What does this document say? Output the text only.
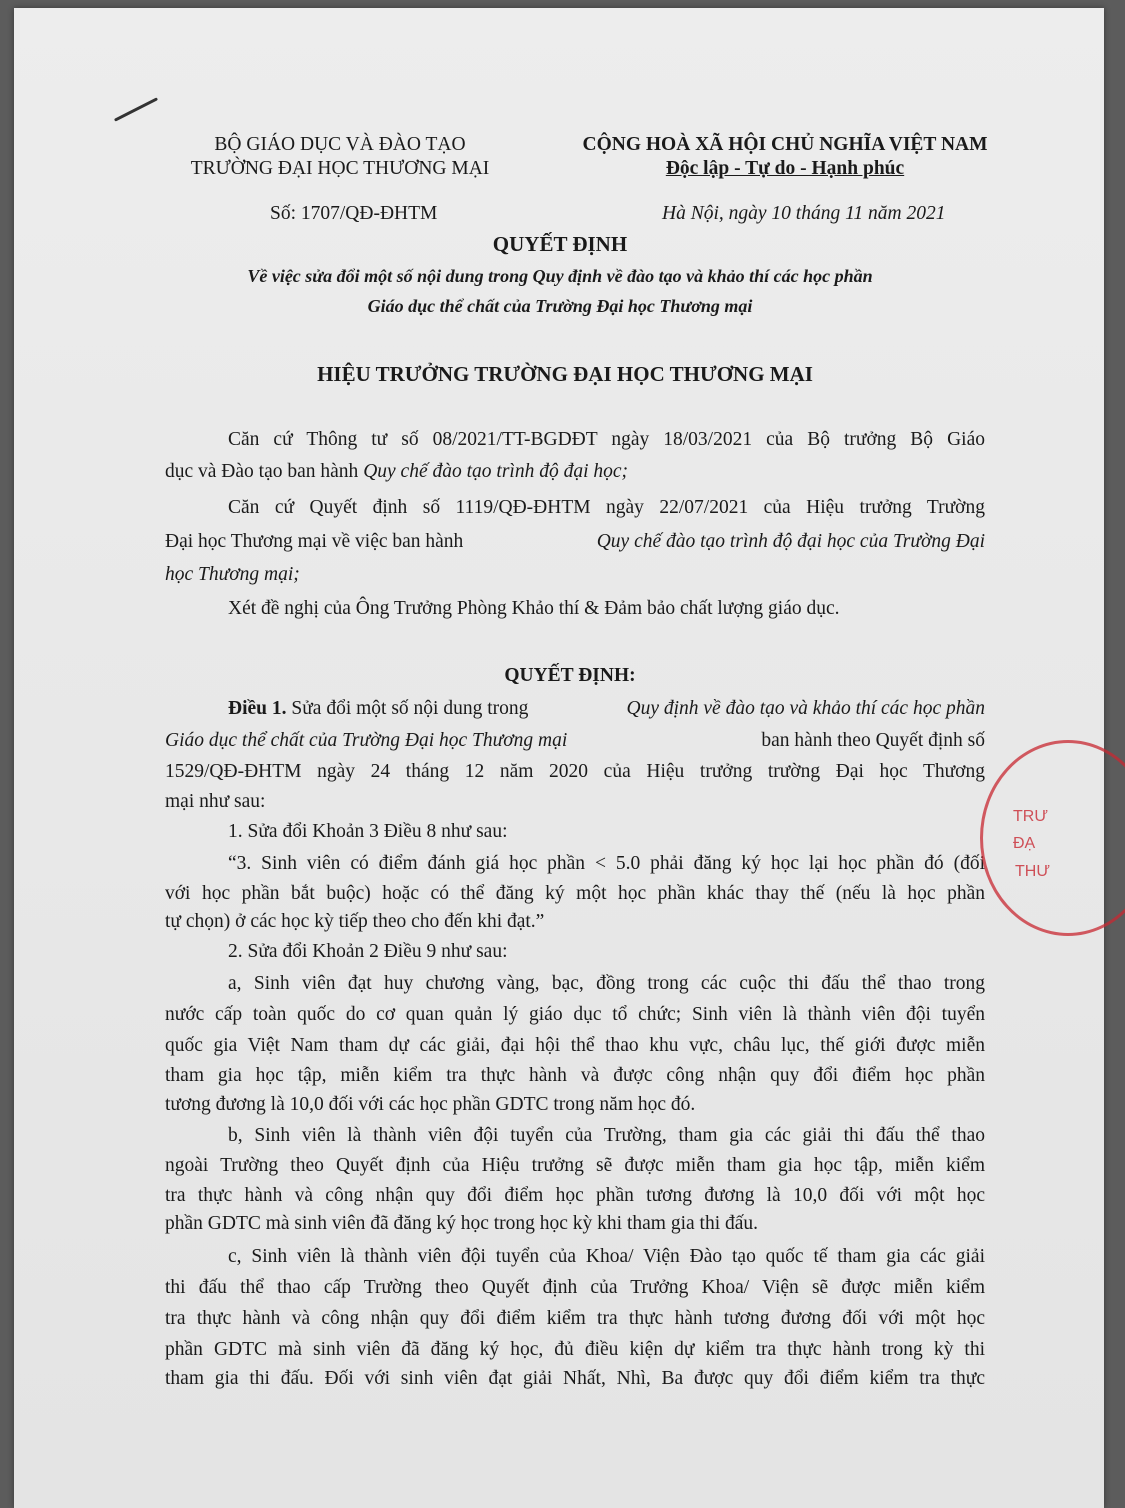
BỘ GIÁO DỤC VÀ ĐÀO TẠO
TRƯỜNG ĐẠI HỌC THƯƠNG MẠI
Số: 1707/QĐ-ĐHTM
CỘNG HOÀ XÃ HỘI CHỦ NGHĨA VIỆT NAM
Độc lập - Tự do - Hạnh phúc
Hà Nội, ngày 10 tháng 11 năm 2021
QUYẾT ĐỊNH
Về việc sửa đổi một số nội dung trong Quy định về đào tạo và khảo thí các học phần
Giáo dục thể chất của Trường Đại học Thương mại
HIỆU TRƯỞNG TRƯỜNG ĐẠI HỌC THƯƠNG MẠI
Căn cứ Thông tư số 08/2021/TT-BGDĐT ngày 18/03/2021 của Bộ trưởng Bộ Giáo
dục và Đào tạo ban hành Quy chế đào tạo trình độ đại học;
Căn cứ Quyết định số 1119/QĐ-ĐHTM ngày 22/07/2021 của Hiệu trưởng Trường
Đại học Thương mại về việc ban hành	Quy chế đào tạo trình độ đại học của Trường Đại
học Thương mại;
Xét đề nghị của Ông Trưởng Phòng Khảo thí & Đảm bảo chất lượng giáo dục.
QUYẾT ĐỊNH:
Điều 1. Sửa đổi một số nội dung trong	Quy định về đào tạo và khảo thí các học phần
Giáo dục thể chất của Trường Đại học Thương mại	ban hành theo Quyết định số
1529/QĐ-ĐHTM ngày 24 tháng 12 năm 2020 của Hiệu trưởng trường Đại học Thương
mại như sau:
1. Sửa đổi Khoản 3 Điều 8 như sau:
“3. Sinh viên có điểm đánh giá học phần < 5.0 phải đăng ký học lại học phần đó (đối
với học phần bắt buộc) hoặc có thể đăng ký một học phần khác thay thế (nếu là học phần
tự chọn) ở các học kỳ tiếp theo cho đến khi đạt.”
2. Sửa đổi Khoản 2 Điều 9 như sau:
a, Sinh viên đạt huy chương vàng, bạc, đồng trong các cuộc thi đấu thể thao trong
nước cấp toàn quốc do cơ quan quản lý giáo dục tổ chức; Sinh viên là thành viên đội tuyển
quốc gia Việt Nam tham dự các giải, đại hội thể thao khu vực, châu lục, thế giới được miễn
tham gia học tập, miễn kiểm tra thực hành và được công nhận quy đổi điểm học phần
tương đương là 10,0 đối với các học phần GDTC trong năm học đó.
b, Sinh viên là thành viên đội tuyển của Trường, tham gia các giải thi đấu thể thao
ngoài Trường theo Quyết định của Hiệu trưởng sẽ được miễn tham gia học tập, miễn kiểm
tra thực hành và công nhận quy đổi điểm học phần tương đương là 10,0 đối với một học
phần GDTC mà sinh viên đã đăng ký học trong học kỳ khi tham gia thi đấu.
c, Sinh viên là thành viên đội tuyển của Khoa/ Viện Đào tạo quốc tế tham gia các giải
thi đấu thể thao cấp Trường theo Quyết định của Trưởng Khoa/ Viện sẽ được miễn kiểm
tra thực hành và công nhận quy đổi điểm kiểm tra thực hành tương đương đối với một học
phần GDTC mà sinh viên đã đăng ký học, đủ điều kiện dự kiểm tra thực hành trong kỳ thi
tham gia thi đấu. Đối với sinh viên đạt giải Nhất, Nhì, Ba được quy đổi điểm kiểm tra thực
TRƯ
ĐẠ
THƯ
